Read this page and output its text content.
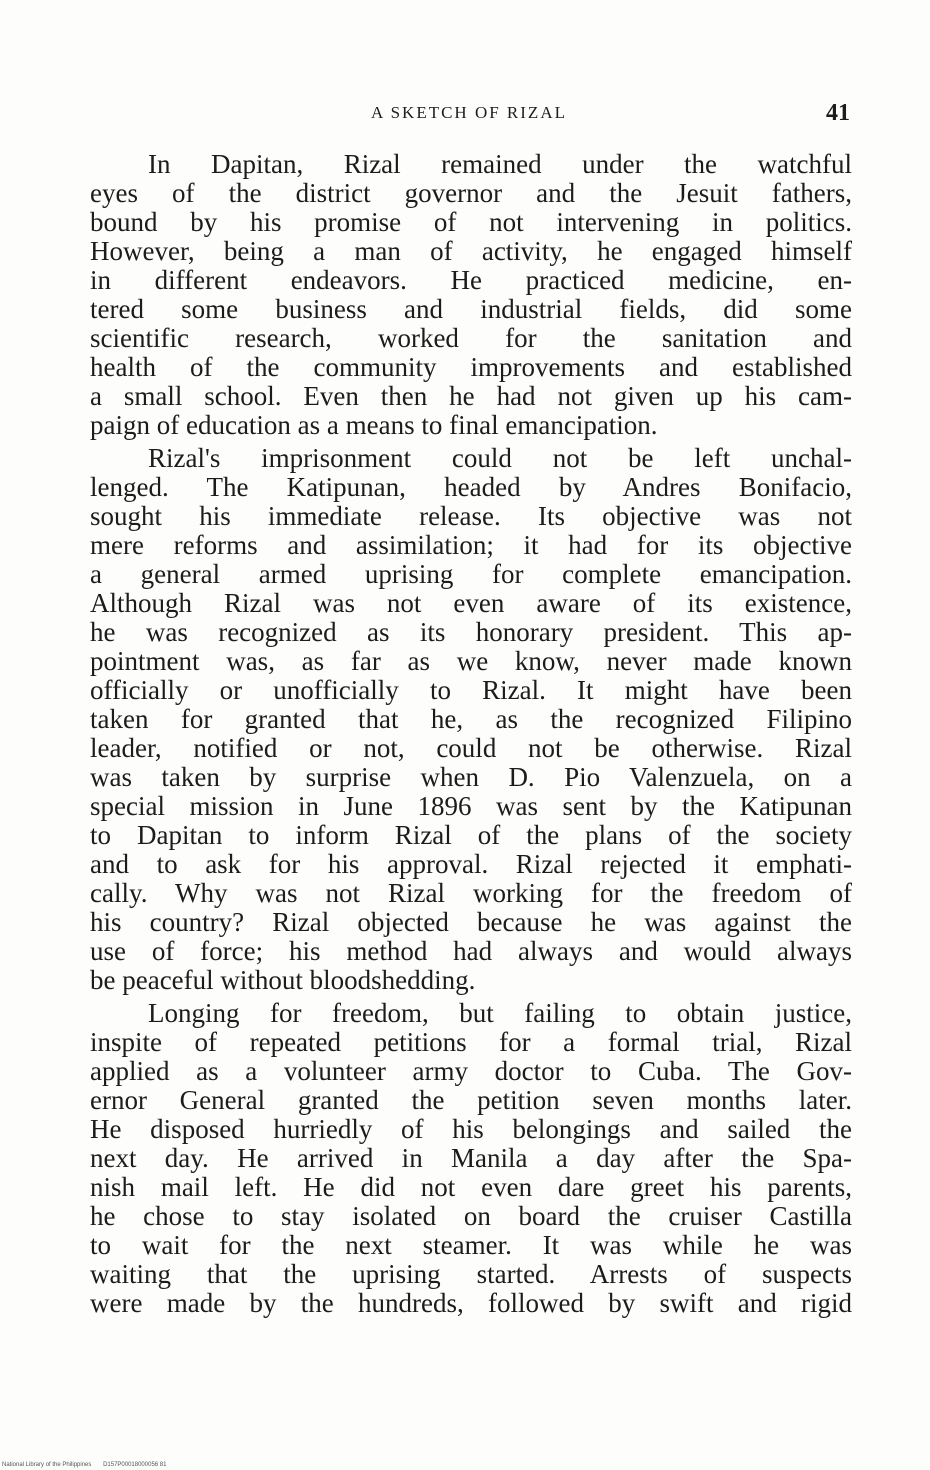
A SKETCH OF RIZAL	41

In Dapitan, Rizal remained under the watchful
eyes of the district governor and the Jesuit fathers,
bound by his promise of not intervening in politics.
However, being a man of activity, he engaged himself
in different endeavors. He practiced medicine, en-
tered some business and industrial fields, did some
scientific research, worked for the sanitation and
health of the community improvements and established
a small school. Even then he had not given up his cam-
paign of education as a means to final emancipation.

Rizal's imprisonment could not be left unchal-
lenged. The Katipunan, headed by Andres Bonifacio,
sought his immediate release. Its objective was not
mere reforms and assimilation; it had for its objective
a general armed uprising for complete emancipation.
Although Rizal was not even aware of its existence,
he was recognized as its honorary president. This ap-
pointment was, as far as we know, never made known
officially or unofficially to Rizal. It might have been
taken for granted that he, as the recognized Filipino
leader, notified or not, could not be otherwise. Rizal
was taken by surprise when D. Pio Valenzuela, on a
special mission in June 1896 was sent by the Katipunan
to Dapitan to inform Rizal of the plans of the society
and to ask for his approval. Rizal rejected it emphati-
cally. Why was not Rizal working for the freedom of
his country? Rizal objected because he was against the
use of force; his method had always and would always
be peaceful without bloodshedding.

Longing for freedom, but failing to obtain justice,
inspite of repeated petitions for a formal trial, Rizal
applied as a volunteer army doctor to Cuba. The Gov-
ernor General granted the petition seven months later.
He disposed hurriedly of his belongings and sailed the
next day. He arrived in Manila a day after the Spa-
nish mail left. He did not even dare greet his parents,
he chose to stay isolated on board the cruiser Castilla
to wait for the next steamer. It was while he was
waiting that the uprising started. Arrests of suspects
were made by the hundreds, followed by swift and rigid

National Library of the Philippines D157P00018000056 81
